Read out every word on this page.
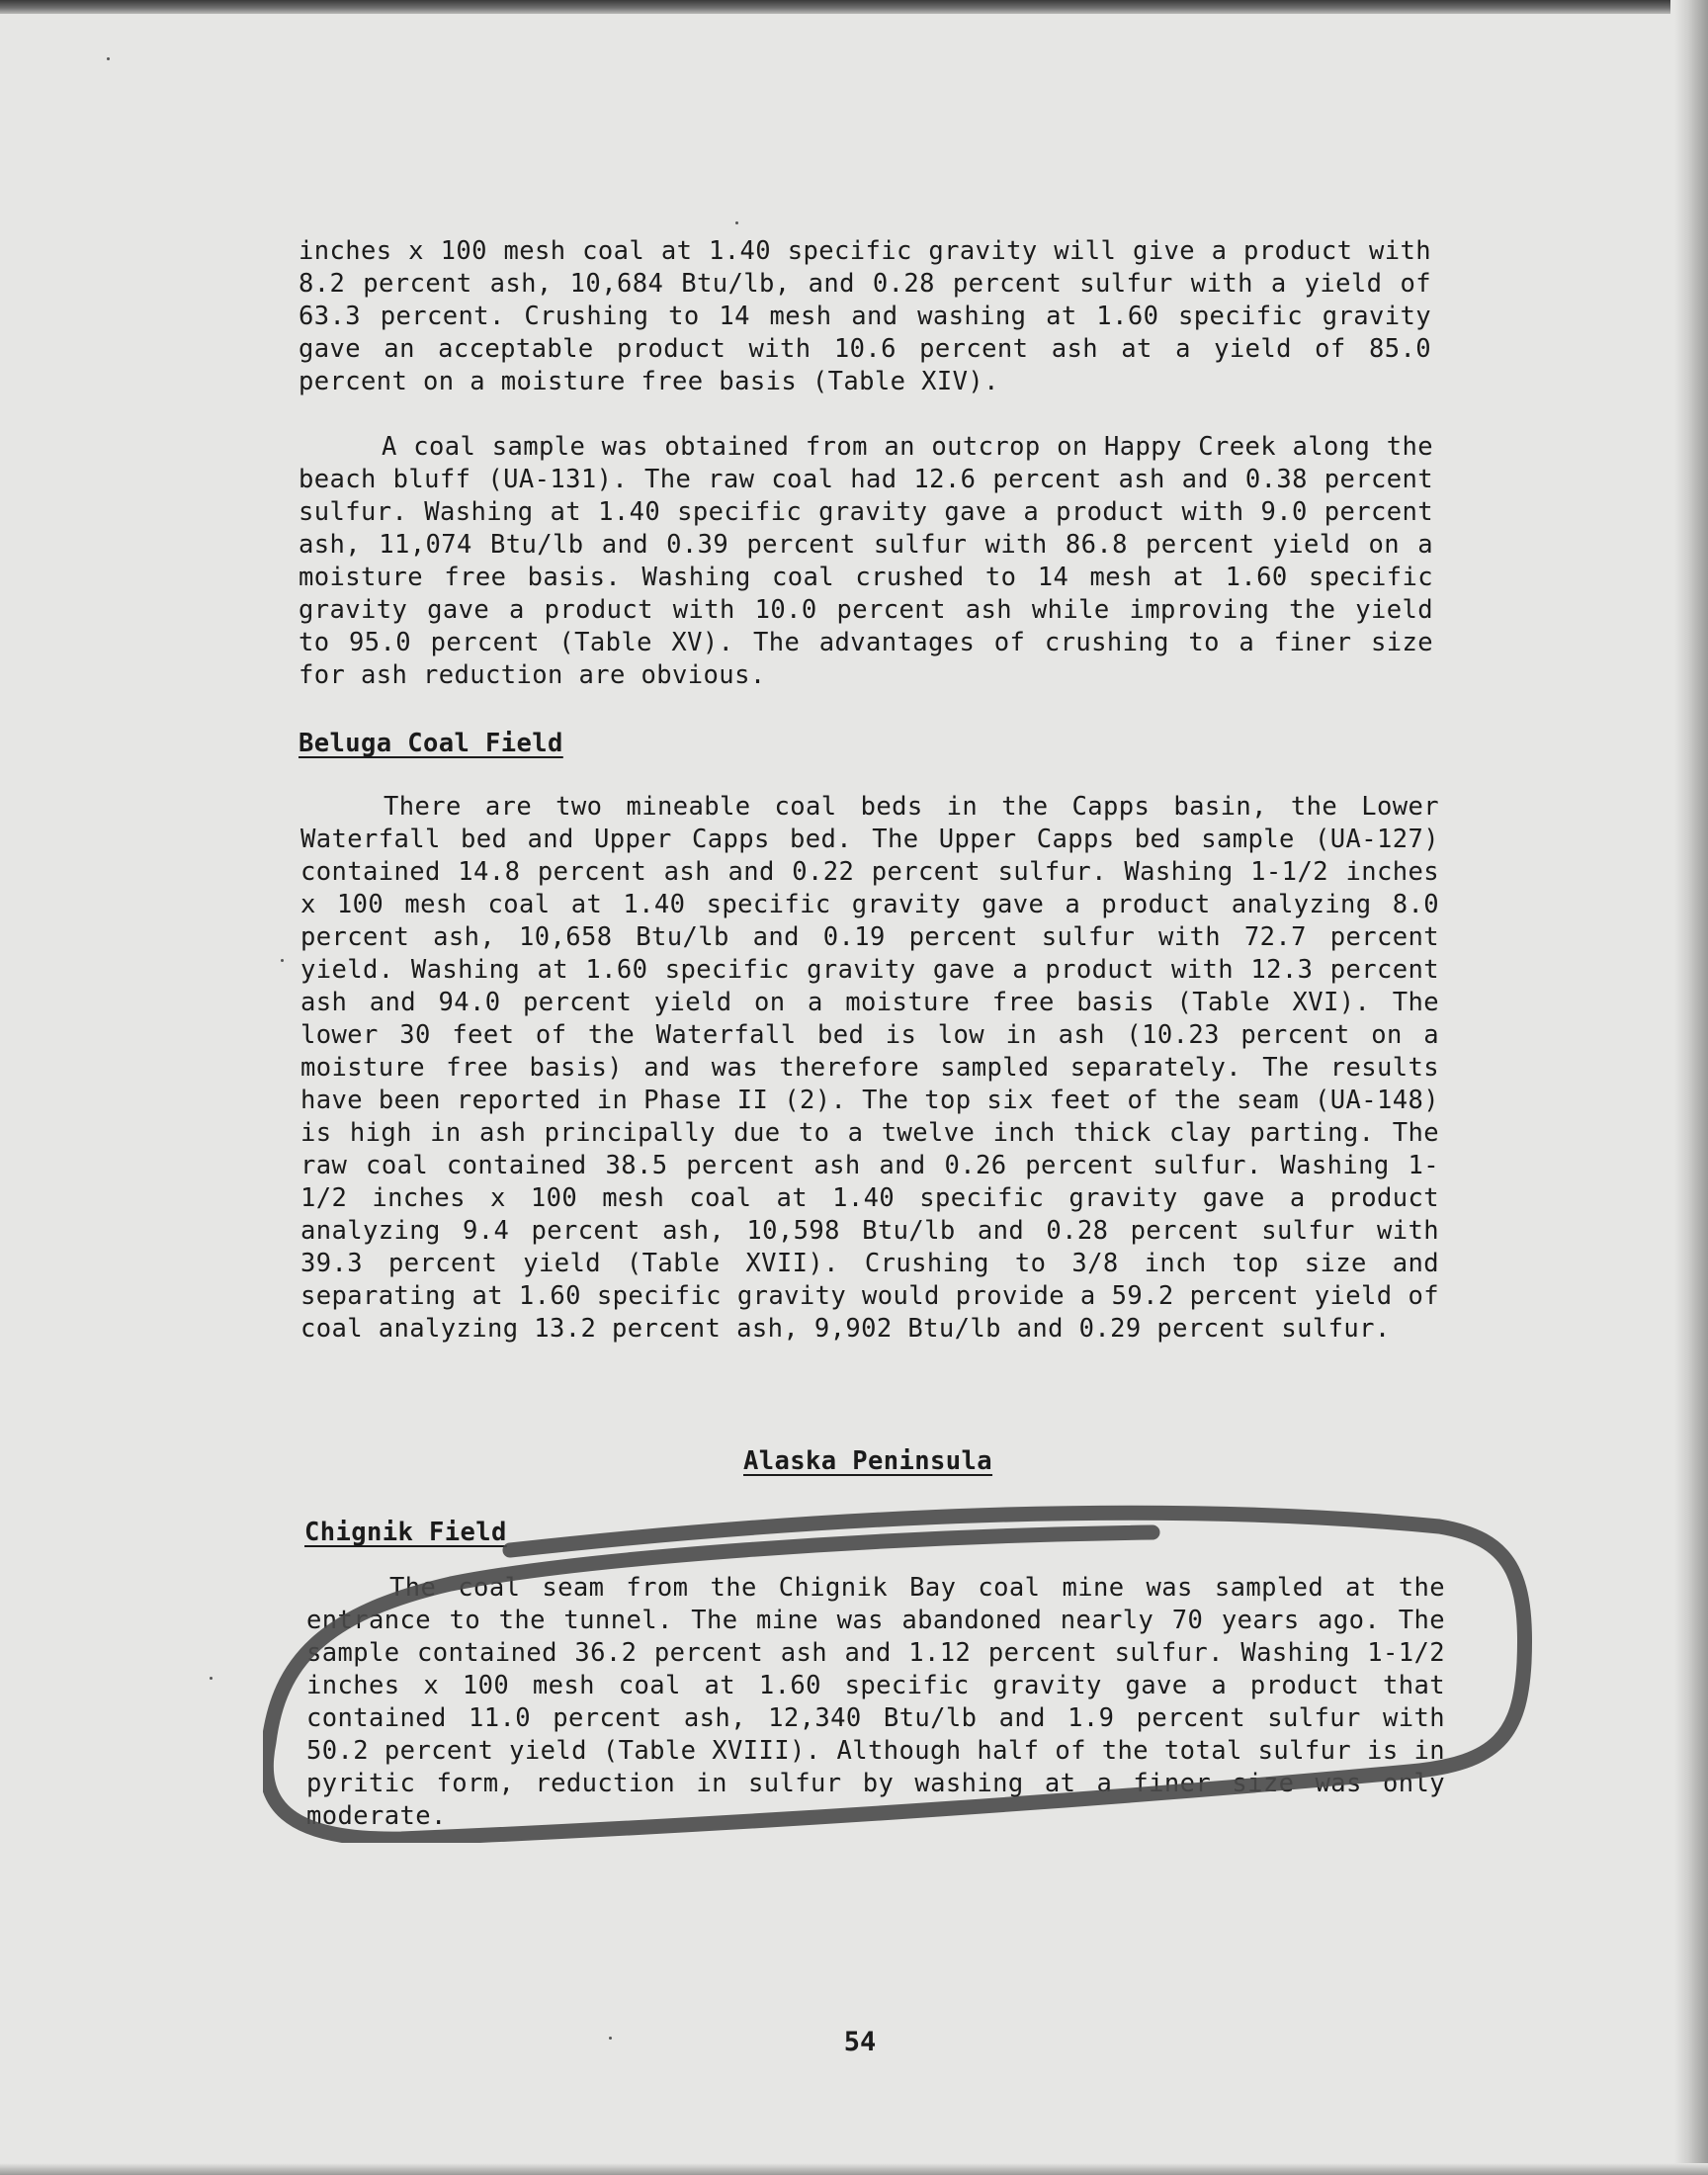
inches x 100 mesh coal at 1.40 specific gravity will give a product with 8.2 percent ash, 10,684 Btu/lb, and 0.28 percent sulfur with a yield of 63.3 percent. Crushing to 14 mesh and washing at 1.60 specific gravity gave an acceptable product with 10.6 percent ash at a yield of 85.0 percent on a moisture free basis (Table XIV).

A coal sample was obtained from an outcrop on Happy Creek along the beach bluff (UA-131). The raw coal had 12.6 percent ash and 0.38 percent sulfur. Washing at 1.40 specific gravity gave a product with 9.0 percent ash, 11,074 Btu/lb and 0.39 percent sulfur with 86.8 percent yield on a moisture free basis. Washing coal crushed to 14 mesh at 1.60 specific gravity gave a product with 10.0 percent ash while improving the yield to 95.0 percent (Table XV). The advantages of crushing to a finer size for ash reduction are obvious.

Beluga Coal Field

There are two mineable coal beds in the Capps basin, the Lower Waterfall bed and Upper Capps bed. The Upper Capps bed sample (UA-127) contained 14.8 percent ash and 0.22 percent sulfur. Washing 1-1/2 inches x 100 mesh coal at 1.40 specific gravity gave a product analyzing 8.0 percent ash, 10,658 Btu/lb and 0.19 percent sulfur with 72.7 percent yield. Washing at 1.60 specific gravity gave a product with 12.3 percent ash and 94.0 percent yield on a moisture free basis (Table XVI). The lower 30 feet of the Waterfall bed is low in ash (10.23 percent on a moisture free basis) and was therefore sampled separately. The results have been reported in Phase II (2). The top six feet of the seam (UA-148) is high in ash principally due to a twelve inch thick clay parting. The raw coal contained 38.5 percent ash and 0.26 percent sulfur. Washing 1-1/2 inches x 100 mesh coal at 1.40 specific gravity gave a product analyzing 9.4 percent ash, 10,598 Btu/lb and 0.28 percent sulfur with 39.3 percent yield (Table XVII). Crushing to 3/8 inch top size and separating at 1.60 specific gravity would provide a 59.2 percent yield of coal analyzing 13.2 percent ash, 9,902 Btu/lb and 0.29 percent sulfur.

Alaska Peninsula
Chignik Field

The coal seam from the Chignik Bay coal mine was sampled at the entrance to the tunnel. The mine was abandoned nearly 70 years ago. The sample contained 36.2 percent ash and 1.12 percent sulfur. Washing 1-1/2 inches x 100 mesh coal at 1.60 specific gravity gave a product that contained 11.0 percent ash, 12,340 Btu/lb and 1.9 percent sulfur with 50.2 percent yield (Table XVIII). Although half of the total sulfur is in pyritic form, reduction in sulfur by washing at a finer size was only moderate.

54
